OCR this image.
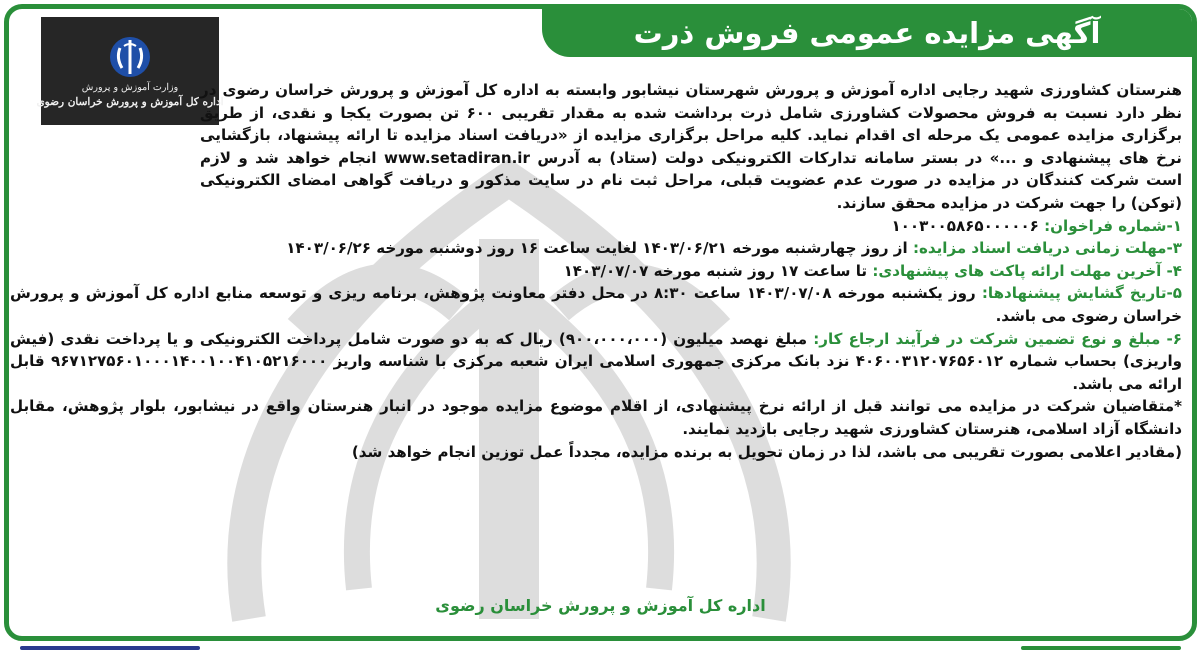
آگهی مزایده عمومی فروش ذرت
وزارت آموزش و پرورش
اداره کل آموزش و پرورش خراسان رضوی

هنرستان کشاورزی شهید رجایی اداره آموزش و پرورش شهرستان نیشابور وابسته به اداره کل آموزش و پرورش خراسان رضوی در نظر دارد نسبت به فروش محصولات کشاورزی شامل ذرت برداشت شده به مقدار تقریبی ۶۰۰ تن بصورت یکجا و نقدی، از طریق برگزاری مزایده عمومی یک مرحله ای اقدام نماید. کلیه مراحل برگزاری مزایده از «دریافت اسناد مزایده تا ارائه پیشنهاد، بازگشایی نرخ های پیشنهادی و ...» در بستر سامانه تدارکات الکترونیکی دولت (ستاد) به آدرس www.setadiran.ir انجام خواهد شد و لازم است شرکت کنندگان در مزایده در صورت عدم عضویت قبلی، مراحل ثبت نام در سایت مذکور و دریافت گواهی امضای الکترونیکی (توکن) را جهت شرکت در مزایده محقق سازند.

۱-شماره فراخوان: ۱۰۰۳۰۰۵۸۶۵۰۰۰۰۰۶

۳-مهلت زمانی دریافت اسناد مزایده: از روز چهارشنبه مورخه ۱۴۰۳/۰۶/۲۱ لغایت ساعت ۱۶ روز دوشنبه مورخه ۱۴۰۳/۰۶/۲۶

۴- آخرین مهلت ارائه پاکت های پیشنهادی: تا ساعت ۱۷ روز شنبه مورخه ۱۴۰۳/۰۷/۰۷

۵-تاریخ گشایش پیشنهادها: روز یکشنبه مورخه ۱۴۰۳/۰۷/۰۸ ساعت ۸:۳۰ در محل دفتر معاونت پژوهش، برنامه ریزی و توسعه منابع اداره کل آموزش و پرورش خراسان رضوی می باشد.

۶- مبلغ و نوع تضمین شرکت در فرآیند ارجاع کار: مبلغ نهصد میلیون (۹۰۰،۰۰۰،۰۰۰) ریال که به دو صورت شامل پرداخت الکترونیکی و یا پرداخت نقدی (فیش واریزی) بحساب شماره ۴۰۶۰۰۳۱۲۰۷۶۵۶۰۱۲ نزد بانک مرکزی جمهوری اسلامی ایران شعبه مرکزی با شناسه واریز ۹۶۷۱۲۷۵۶۰۱۰۰۰۱۴۰۰۱۰۰۴۱۰۵۲۱۶۰۰۰ قابل ارائه می باشد.

*متقاضیان شرکت در مزایده می توانند قبل از ارائه نرخ پیشنهادی، از اقلام موضوع مزایده موجود در انبار هنرستان واقع در نیشابور، بلوار پژوهش، مقابل دانشگاه آزاد اسلامی، هنرستان کشاورزی شهید رجایی بازدید نمایند.

(مقادیر اعلامی بصورت تقریبی می باشد، لذا در زمان تحویل به برنده مزایده، مجدداً عمل توزین انجام خواهد شد)

اداره کل آموزش و پرورش خراسان رضوی
